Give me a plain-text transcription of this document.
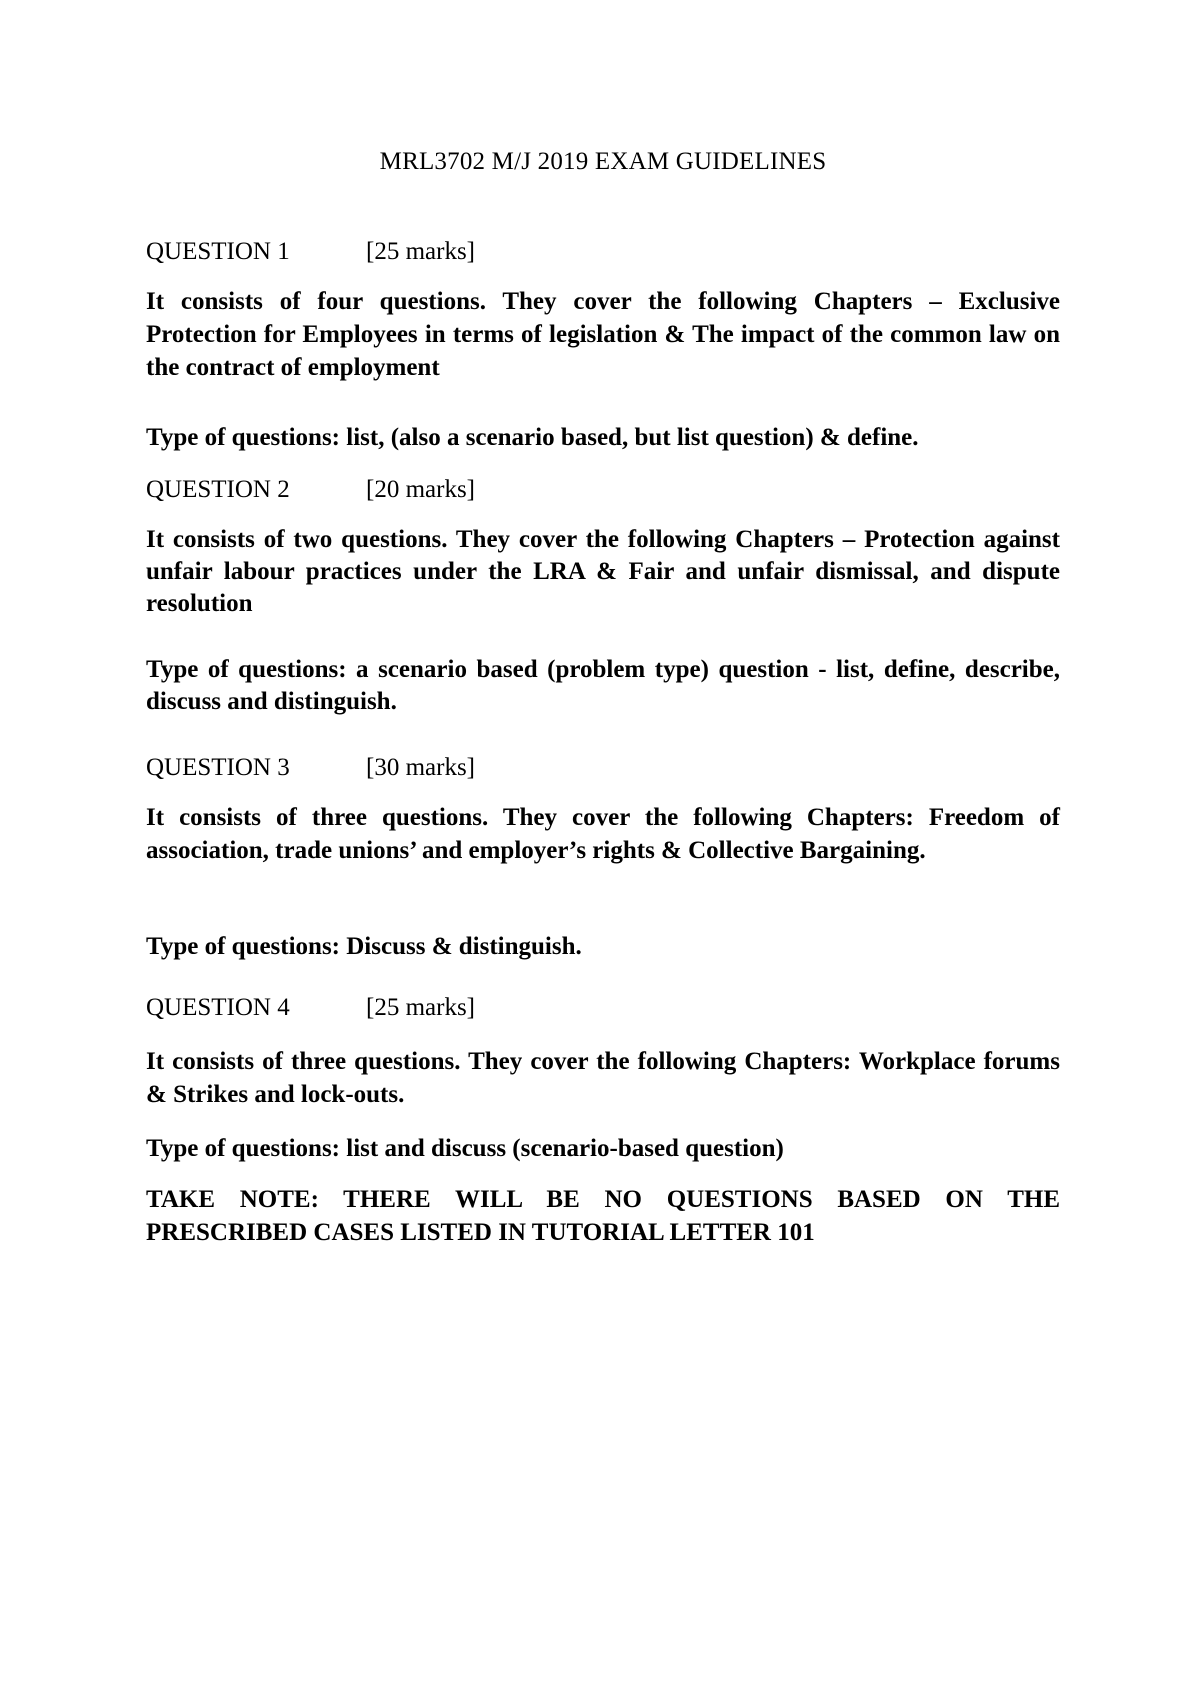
MRL3702 M/J 2019 EXAM GUIDELINES
QUESTION 1	[25 marks]
It consists of four questions. They cover the following Chapters – Exclusive Protection for Employees in terms of legislation & The impact of the common law on the contract of employment
Type of questions: list, (also a scenario based, but list question) & define.
QUESTION 2	[20 marks]
It consists of two questions. They cover the following Chapters – Protection against unfair labour practices under the LRA & Fair and unfair dismissal, and dispute resolution
Type of questions: a scenario based (problem type) question - list, define, describe, discuss and distinguish.
QUESTION 3	[30 marks]
It consists of three questions. They cover the following Chapters: Freedom of association, trade unions’ and employer’s rights & Collective Bargaining.
Type of questions: Discuss & distinguish.
QUESTION 4	[25 marks]
It consists of three questions. They cover the following Chapters: Workplace forums & Strikes and lock-outs.
Type of questions: list and discuss (scenario-based question)
TAKE NOTE: THERE WILL BE NO QUESTIONS BASED ON THE PRESCRIBED CASES LISTED IN TUTORIAL LETTER 101
